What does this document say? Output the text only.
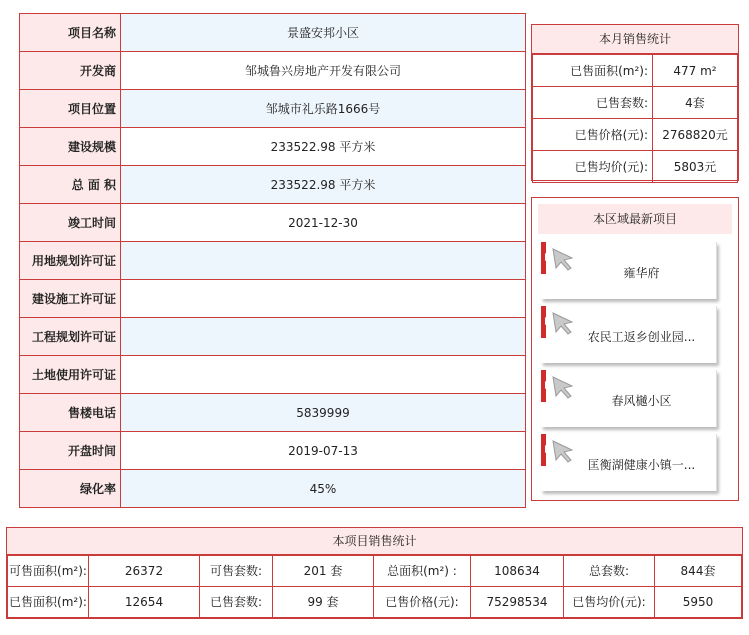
项目名称	景盛安邦小区
开发商	邹城鲁兴房地产开发有限公司
项目位置	邹城市礼乐路1666号
建设规模	233522.98 平方米
总 面 积	233522.98 平方米
竣工时间	2021-12-30
用地规划许可证	
建设施工许可证	
工程规划许可证	
土地使用许可证	
售楼电话	5839999
开盘时间	2019-07-13
绿化率	45%
本月销售统计
已售面积(m²):	477 m²
已售套数:	4套
已售价格(元):	2768820元
已售均价(元):	5803元
本区域最新项目
雍华府
农民工返乡创业园...
春风樾小区
匡衡湖健康小镇一...
本项目销售统计
可售面积(m²):	26372	可售套数:	201 套	总面积(m²) :	108634	总套数:	844套
已售面积(m²):	12654	已售套数:	99 套	已售价格(元):	75298534	已售均价(元):	5950
